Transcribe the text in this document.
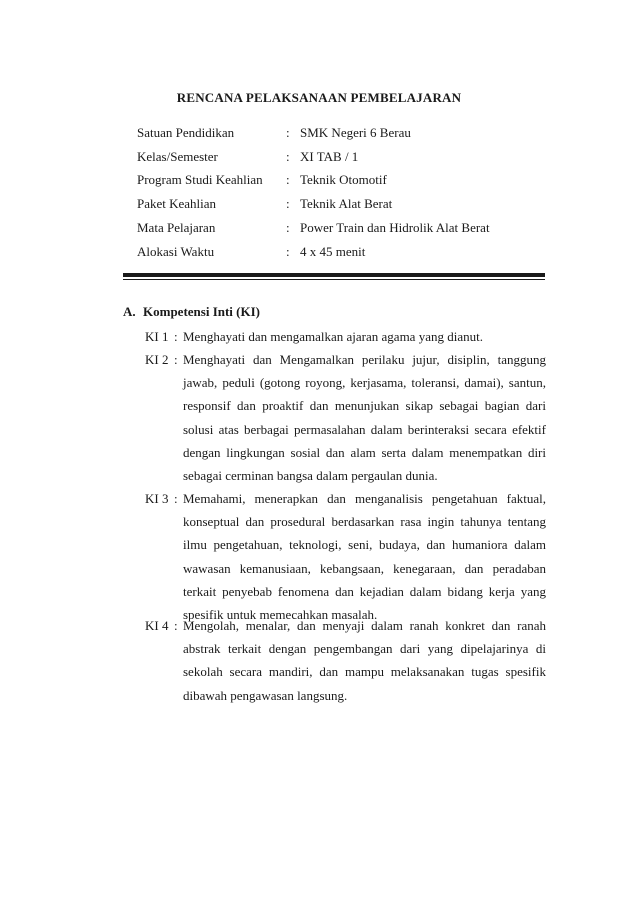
RENCANA PELAKSANAAN PEMBELAJARAN
Satuan Pendidikan	:	SMK Negeri 6 Berau
Kelas/Semester	:	XI TAB / 1
Program Studi Keahlian	:	Teknik Otomotif
Paket Keahlian	:	Teknik Alat Berat
Mata Pelajaran	:	Power Train dan Hidrolik Alat Berat
Alokasi Waktu	:	4 x 45 menit
A. Kompetensi Inti (KI)
KI 1 : Menghayati dan mengamalkan ajaran agama yang dianut.
KI 2 : Menghayati dan Mengamalkan perilaku jujur, disiplin, tanggung jawab, peduli (gotong royong, kerjasama, toleransi, damai), santun, responsif dan proaktif dan menunjukan sikap sebagai bagian dari solusi atas berbagai permasalahan dalam berinteraksi secara efektif dengan lingkungan sosial dan alam serta dalam menempatkan diri sebagai cerminan bangsa dalam pergaulan dunia.
KI 3 : Memahami, menerapkan dan menganalisis pengetahuan faktual, konseptual dan prosedural berdasarkan rasa ingin tahunya tentang ilmu pengetahuan, teknologi, seni, budaya, dan humaniora dalam wawasan kemanusiaan, kebangsaan, kenegaraan, dan peradaban terkait penyebab fenomena dan kejadian dalam bidang kerja yang spesifik untuk memecahkan masalah.
KI 4 : Mengolah, menalar, dan menyaji dalam ranah konkret dan ranah abstrak terkait dengan pengembangan dari yang dipelajarinya di sekolah secara mandiri, dan mampu melaksanakan tugas spesifik dibawah pengawasan langsung.
